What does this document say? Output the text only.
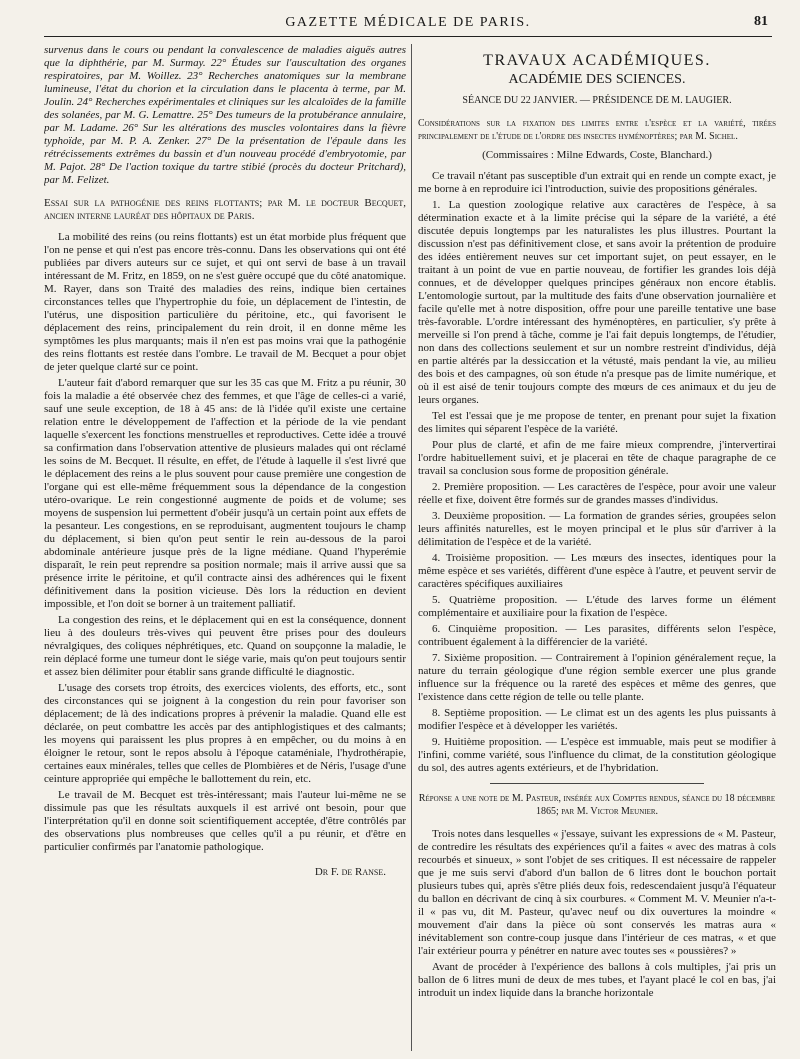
GAZETTE MÉDICALE DE PARIS.	81

survenus dans le cours ou pendant la convalescence de maladies aiguës autres que la diphthérie, par M. Surmay. 22° Études sur l'auscultation des organes respiratoires, par M. Woillez. 23° Recherches anatomiques sur la membrane lumineuse, l'état du chorion et la circulation dans le placenta à terme, par M. Joulin. 24° Recherches expérimentales et cliniques sur les alcaloïdes de la famille des solanées, par M. G. Lemattre. 25° Des tumeurs de la protubérance annulaire, par M. Ladame. 26° Sur les altérations des muscles volontaires dans la fièvre typhoïde, par M. P. A. Zenker. 27° De la présentation de l'épaule dans les rétrécissements extrêmes du bassin et d'un nouveau procédé d'embryotomie, par M. Pajot. 28° De l'action toxique du tartre stibié (procès du docteur Pritchard), par M. Felizet.

Essai sur la pathogénie des reins flottants; par M. le docteur Becquet, ancien interne lauréat des hôpitaux de Paris.

La mobilité des reins (ou reins flottants) est un état morbide plus fréquent que l'on ne pense et qui n'est pas encore très-connu. Dans les observations qui ont été publiées par divers auteurs sur ce sujet, et qui ont servi de base à un travail intéressant de M. Fritz, en 1859, on ne s'est guère occupé que du côté anatomique. M. Rayer, dans son Traité des maladies des reins, indique bien certaines circonstances telles que l'hypertrophie du foie, un déplacement de l'intestin, de l'utérus, une disposition particulière du péritoine, etc., qui favorisent le déplacement des reins, principalement du rein droit, il en donne même les symptômes les plus marquants; mais il n'en est pas moins vrai que la pathogénie des reins flottants est restée dans l'ombre. Le travail de M. Becquet a pour objet de jeter quelque clarté sur ce point.

L'auteur fait d'abord remarquer que sur les 35 cas que M. Fritz a pu réunir, 30 fois la maladie a été observée chez des femmes, et que l'âge de celles-ci a varié, sauf une seule exception, de 18 à 45 ans: de là l'idée qu'il existe une certaine relation entre le développement de l'affection et la période de la vie pendant laquelle s'exercent les fonctions menstruelles et reproductives. Cette idée a trouvé sa confirmation dans l'observation attentive de plusieurs malades qui ont réclamé les soins de M. Becquet. Il résulte, en effet, de l'étude à laquelle il s'est livré que le déplacement des reins a le plus souvent pour cause première une congestion de l'organe qui est elle-même fréquemment sous la dépendance de la congestion utéro-ovarique. Le rein congestionné augmente de poids et de volume; ses moyens de suspension lui permettent d'obéir jusqu'à un certain point aux effets de la pesanteur. Les congestions, en se reproduisant, augmentent toujours le champ du déplacement, si bien qu'on peut sentir le rein au-dessous de la paroi abdominale antérieure jusque près de la ligne médiane. Quand l'hyperémie disparaît, le rein peut reprendre sa position normale; mais il arrive aussi que sa présence irrite le péritoine, et qu'il contracte ainsi des adhérences qui le fixent définitivement dans la position vicieuse. Dès lors la réduction en devient impossible, et l'on doit se borner à un traitement palliatif.

La congestion des reins, et le déplacement qui en est la conséquence, donnent lieu à des douleurs très-vives qui peuvent être prises pour des douleurs névralgiques, des coliques néphrétiques, etc. Quand on soupçonne la maladie, le rein déplacé forme une tumeur dont le siége varie, mais qu'on peut toujours sentir et assez bien délimiter pour établir sans grande difficulté le diagnostic.

L'usage des corsets trop étroits, des exercices violents, des efforts, etc., sont des circonstances qui se joignent à la congestion du rein pour favoriser son déplacement; de là des indications propres à prévenir la maladie. Quand elle est déclarée, on peut combattre les accès par des antiphlogistiques et des calmants; les moyens qui paraissent les plus propres à en empêcher, ou du moins à en éloigner le retour, sont le repos absolu à l'époque cataméniale, l'hydrothérapie, certaines eaux minérales, telles que celles de Plombières et de Néris, l'usage d'une ceinture appropriée qui empêche le ballottement du rein, etc.

Le travail de M. Becquet est très-intéressant; mais l'auteur lui-même ne se dissimule pas que les résultats auxquels il est arrivé ont besoin, pour que l'interprétation qu'il en donne soit scientifiquement acceptée, d'être contrôlés par des observations plus nombreuses que celles qu'il a pu réunir, et d'être en particulier confirmés par l'anatomie pathologique.

Dr F. de Ranse.

TRAVAUX ACADÉMIQUES.
ACADÉMIE DES SCIENCES.
SÉANCE DU 22 JANVIER. — PRÉSIDENCE DE M. LAUGIER.

Considérations sur la fixation des limites entre l'espèce et la variété, tirées principalement de l'étude de l'ordre des insectes hyménoptères; par M. Sichel.

(Commissaires : Milne Edwards, Coste, Blanchard.)

Ce travail n'étant pas susceptible d'un extrait qui en rende un compte exact, je me borne à en reproduire ici l'introduction, suivie des propositions générales.

1. La question zoologique relative aux caractères de l'espèce, à sa détermination exacte et à la limite précise qui la sépare de la variété, a été discutée depuis longtemps par les naturalistes les plus illustres. Pourtant la discussion n'est pas définitivement close, et sans avoir la prétention de produire des idées entièrement neuves sur cet important sujet, on peut essayer, en le traitant à un point de vue en partie nouveau, de fortifier les grandes lois déjà connues, et de développer quelques principes généraux non encore établis. L'entomologie surtout, par la multitude des faits d'une observation journalière et facile qu'elle met à notre disposition, offre pour une pareille tentative une base très-favorable. L'ordre intéressant des hyménoptères, en particulier, s'y prête à merveille si l'on prend à tâche, comme je l'ai fait depuis longtemps, de l'étudier, non dans des collections seulement et sur un nombre restreint d'individus, déjà en partie altérés par la dessiccation et la vétusté, mais pendant la vie, au milieu des bois et des campagnes, où son étude n'a presque pas de limite numérique, et où il est aisé de tenir toujours compte des mœurs de ces animaux et du jeu de leurs organes.

Tel est l'essai que je me propose de tenter, en prenant pour sujet la fixation des limites qui séparent l'espèce de la variété.

Pour plus de clarté, et afin de me faire mieux comprendre, j'intervertirai l'ordre habituellement suivi, et je placerai en tête de chaque paragraphe de ce travail sa conclusion sous forme de proposition générale.

2. Première proposition. — Les caractères de l'espèce, pour avoir une valeur réelle et fixe, doivent être formés sur de grandes masses d'individus.

3. Deuxième proposition. — La formation de grandes séries, groupées selon leurs affinités naturelles, est le moyen principal et le plus sûr d'arriver à la délimitation de l'espèce et de la variété.

4. Troisième proposition. — Les mœurs des insectes, identiques pour la même espèce et ses variétés, diffèrent d'une espèce à l'autre, et peuvent servir de caractères spécifiques auxiliaires

5. Quatrième proposition. — L'étude des larves forme un élément complémentaire et auxiliaire pour la fixation de l'espèce.

6. Cinquième proposition. — Les parasites, différents selon l'espèce, contribuent également à la différencier de la variété.

7. Sixième proposition. — Contrairement à l'opinion généralement reçue, la nature du terrain géologique d'une région semble exercer une plus grande influence sur la fréquence ou la rareté des espèces et même des genres, que l'existence dans cette région de telle ou telle plante.

8. Septième proposition. — Le climat est un des agents les plus puissants à modifier l'espèce et à développer les variétés.

9. Huitième proposition. — L'espèce est immuable, mais peut se modifier à l'infini, comme variété, sous l'influence du climat, de la constitution géologique du sol, des autres agents extérieurs, et de l'hybridation.

Réponse a une note de M. Pasteur, insérée aux Comptes rendus, séance du 18 décembre 1865; par M. Victor Meunier.

Trois notes dans lesquelles « j'essaye, suivant les expressions de « M. Pasteur, de contredire les résultats des expériences qu'il a faites « avec des matras à cols recourbés et sinueux, » sont l'objet de ses critiques. Il est nécessaire de rappeler que je me suis servi d'abord d'un ballon de 6 litres dont le bouchon portait plusieurs tubes qui, après s'être pliés deux fois, redescendaient jusqu'à l'équateur du ballon en décrivant de cinq à six courbures. « Comment M. V. Meunier n'a-t-il « pas vu, dit M. Pasteur, qu'avec neuf ou dix ouvertures la moindre « mouvement d'air dans la pièce où sont conservés les matras aura « inévitablement son contre-coup jusque dans l'intérieur de ces matras, « et que l'air extérieur pourra y pénétrer en nature avec toutes ses « poussières? »

Avant de procéder à l'expérience des ballons à cols multiples, j'ai pris un ballon de 6 litres muni de deux de mes tubes, et l'ayant placé le col en bas, j'ai introduit un index liquide dans la branche horizontale
